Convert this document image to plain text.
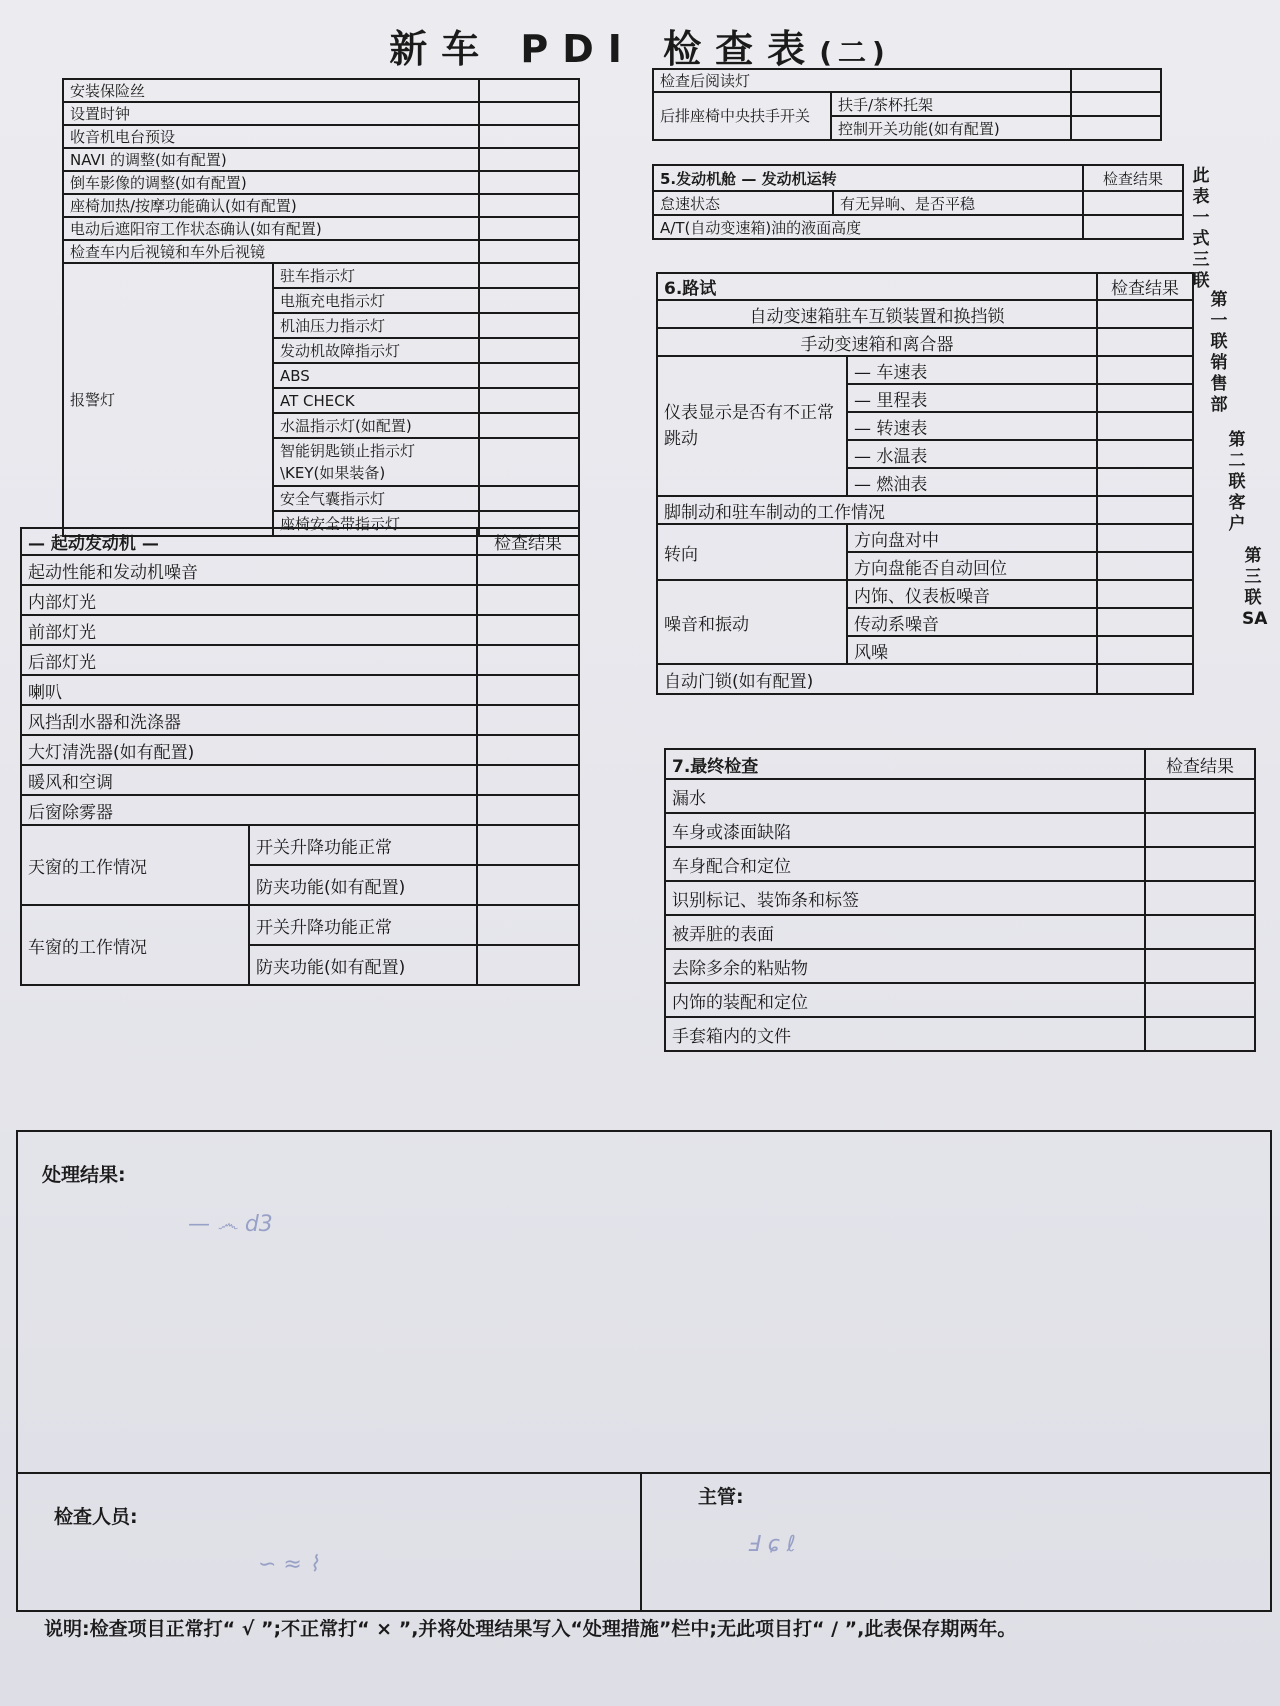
新车 PDI 检查表(二)
安装保险丝		
设置时钟		
收音机电台预设		
NAVI 的调整(如有配置)		
倒车影像的调整(如有配置)		
座椅加热/按摩功能确认(如有配置)		
电动后遮阳帘工作状态确认(如有配置)		
检查车内后视镜和车外后视镜		
报警灯	驻车指示灯	
	电瓶充电指示灯	
	机油压力指示灯	
	发动机故障指示灯	
	ABS	
	AT CHECK	
	水温指示灯(如配置)	
	智能钥匙锁止指示灯 \KEY(如果装备)	
	安全气囊指示灯	
	座椅安全带指示灯	
— 起动发动机 —		检查结果
起动性能和发动机噪音		
内部灯光		
前部灯光		
后部灯光		
喇叭		
风挡刮水器和洗涤器		
大灯清洗器(如有配置)		
暖风和空调		
后窗除雾器		
天窗的工作情况	开关升降功能正常	
	防夹功能(如有配置)	
车窗的工作情况	开关升降功能正常	
	防夹功能(如有配置)	
检查后阅读灯		
后排座椅中央扶手开关	扶手/茶杯托架	
	控制开关功能(如有配置)	
5.发动机舱 — 发动机运转		检查结果
怠速状态	有无异响、是否平稳	
A/T(自动变速箱)油的液面高度		
6.路试		检查结果
自动变速箱驻车互锁装置和换挡锁		
手动变速箱和离合器		
仪表显示是否有不正常跳动	— 车速表	
	— 里程表	
	— 转速表	
	— 水温表	
	— 燃油表	
脚制动和驻车制动的工作情况		
转向	方向盘对中	
	方向盘能否自动回位	
噪音和振动	内饰、仪表板噪音	
	传动系噪音	
	风噪	
自动门锁(如有配置)		
7.最终检查	检查结果
漏水	
车身或漆面缺陷	
车身配合和定位	
识别标记、装饰条和标签	
被弄脏的表面	
去除多余的粘贴物	
内饰的装配和定位	
手套箱内的文件	
此表一式三联
第一联销售部
第二联客户
第三联SA
处理结果:
— ෴ d3
检查人员:
主管:
∽ ≈ ⌇
Ⅎ ɕ ℓ
说明:检查项目正常打“ √ ”;不正常打“ × ”,并将处理结果写入“处理措施”栏中;无此项目打“ / ”,此表保存期两年。
